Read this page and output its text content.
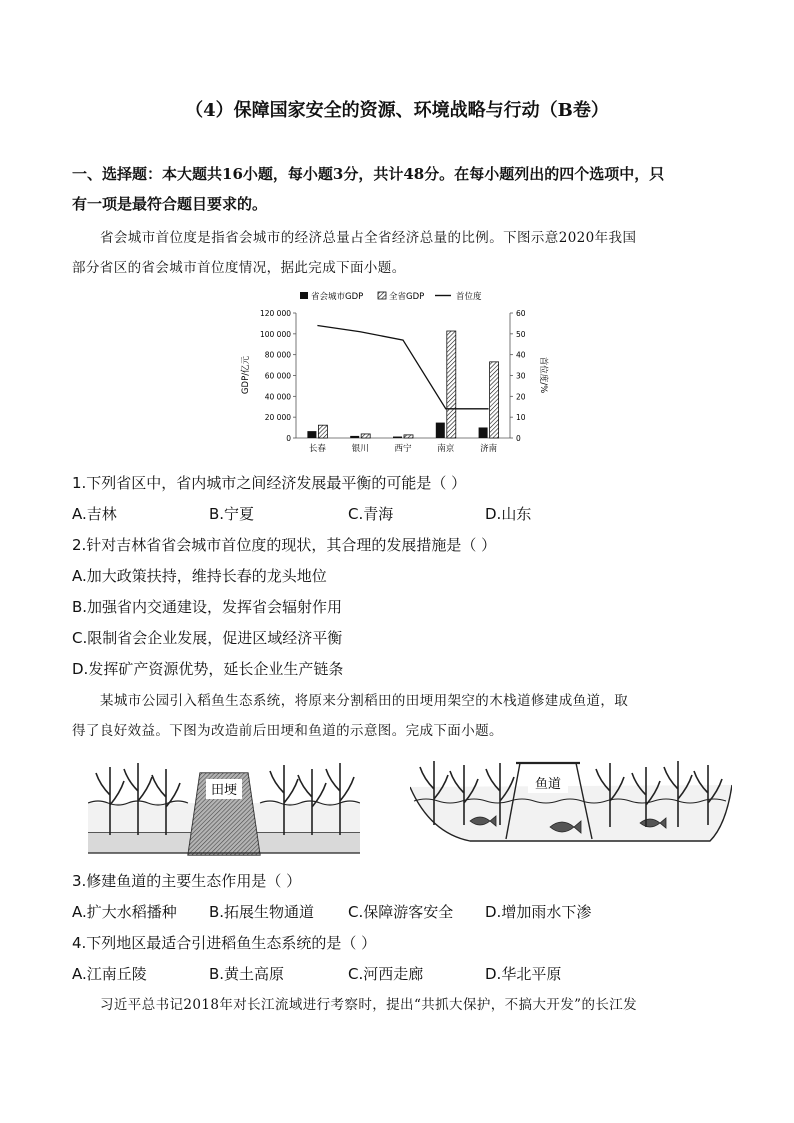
（4）保障国家安全的资源、环境战略与行动（B卷）
一、选择题：本大题共16小题，每小题3分，共计48分。在每小题列出的四个选项中，只
有一项是最符合题目要求的。
省会城市首位度是指省会城市的经济总量占全省经济总量的比例。下图示意2020年我国
部分省区的省会城市首位度情况，据此完成下面小题。
省会城市GDP	全省GDP	首位度
0
20 000
40 000
60 000
80 000
100 000
120 000
0
10
20
30
40
50
60
长春	银川	西宁	南京	济南
GDP/亿元	首位度/%
1.下列省区中，省内城市之间经济发展最平衡的可能是（ ）
A.吉林	B.宁夏	C.青海	D.山东
2.针对吉林省省会城市首位度的现状，其合理的发展措施是（ ）
A.加大政策扶持，维持长春的龙头地位
B.加强省内交通建设，发挥省会辐射作用
C.限制省会企业发展，促进区域经济平衡
D.发挥矿产资源优势，延长企业生产链条
某城市公园引入稻鱼生态系统，将原来分割稻田的田埂用架空的木栈道修建成鱼道，取
得了良好效益。下图为改造前后田埂和鱼道的示意图。完成下面小题。
田埂	鱼道
3.修建鱼道的主要生态作用是（ ）
A.扩大水稻播种 B.拓展生物通道 C.保障游客安全 D.增加雨水下渗
4.下列地区最适合引进稻鱼生态系统的是（ ）
A.江南丘陵	B.黄土高原	C.河西走廊	D.华北平原
习近平总书记2018年对长江流域进行考察时，提出“共抓大保护，不搞大开发”的长江发
